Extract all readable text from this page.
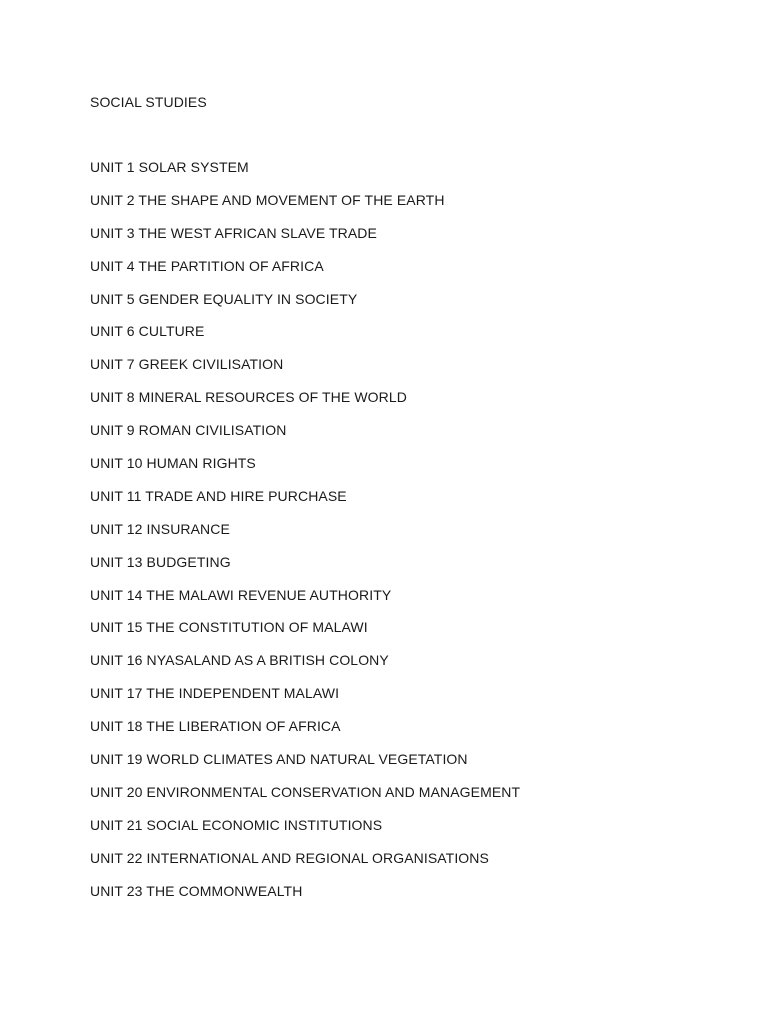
SOCIAL STUDIES
UNIT 1 SOLAR SYSTEM
UNIT 2 THE SHAPE AND MOVEMENT OF THE EARTH
UNIT 3 THE WEST AFRICAN SLAVE TRADE
UNIT 4 THE PARTITION OF AFRICA
UNIT 5 GENDER EQUALITY IN SOCIETY
UNIT 6 CULTURE
UNIT 7 GREEK CIVILISATION
UNIT 8 MINERAL RESOURCES OF THE WORLD
UNIT 9 ROMAN CIVILISATION
UNIT 10 HUMAN RIGHTS
UNIT 11 TRADE AND HIRE PURCHASE
UNIT 12 INSURANCE
UNIT 13 BUDGETING
UNIT 14 THE MALAWI REVENUE AUTHORITY
UNIT 15 THE CONSTITUTION OF MALAWI
UNIT 16 NYASALAND AS A BRITISH COLONY
UNIT 17 THE INDEPENDENT MALAWI
UNIT 18 THE LIBERATION OF AFRICA
UNIT 19 WORLD CLIMATES AND NATURAL VEGETATION
UNIT 20 ENVIRONMENTAL CONSERVATION AND MANAGEMENT
UNIT 21 SOCIAL ECONOMIC INSTITUTIONS
UNIT 22 INTERNATIONAL AND REGIONAL ORGANISATIONS
UNIT 23 THE COMMONWEALTH
